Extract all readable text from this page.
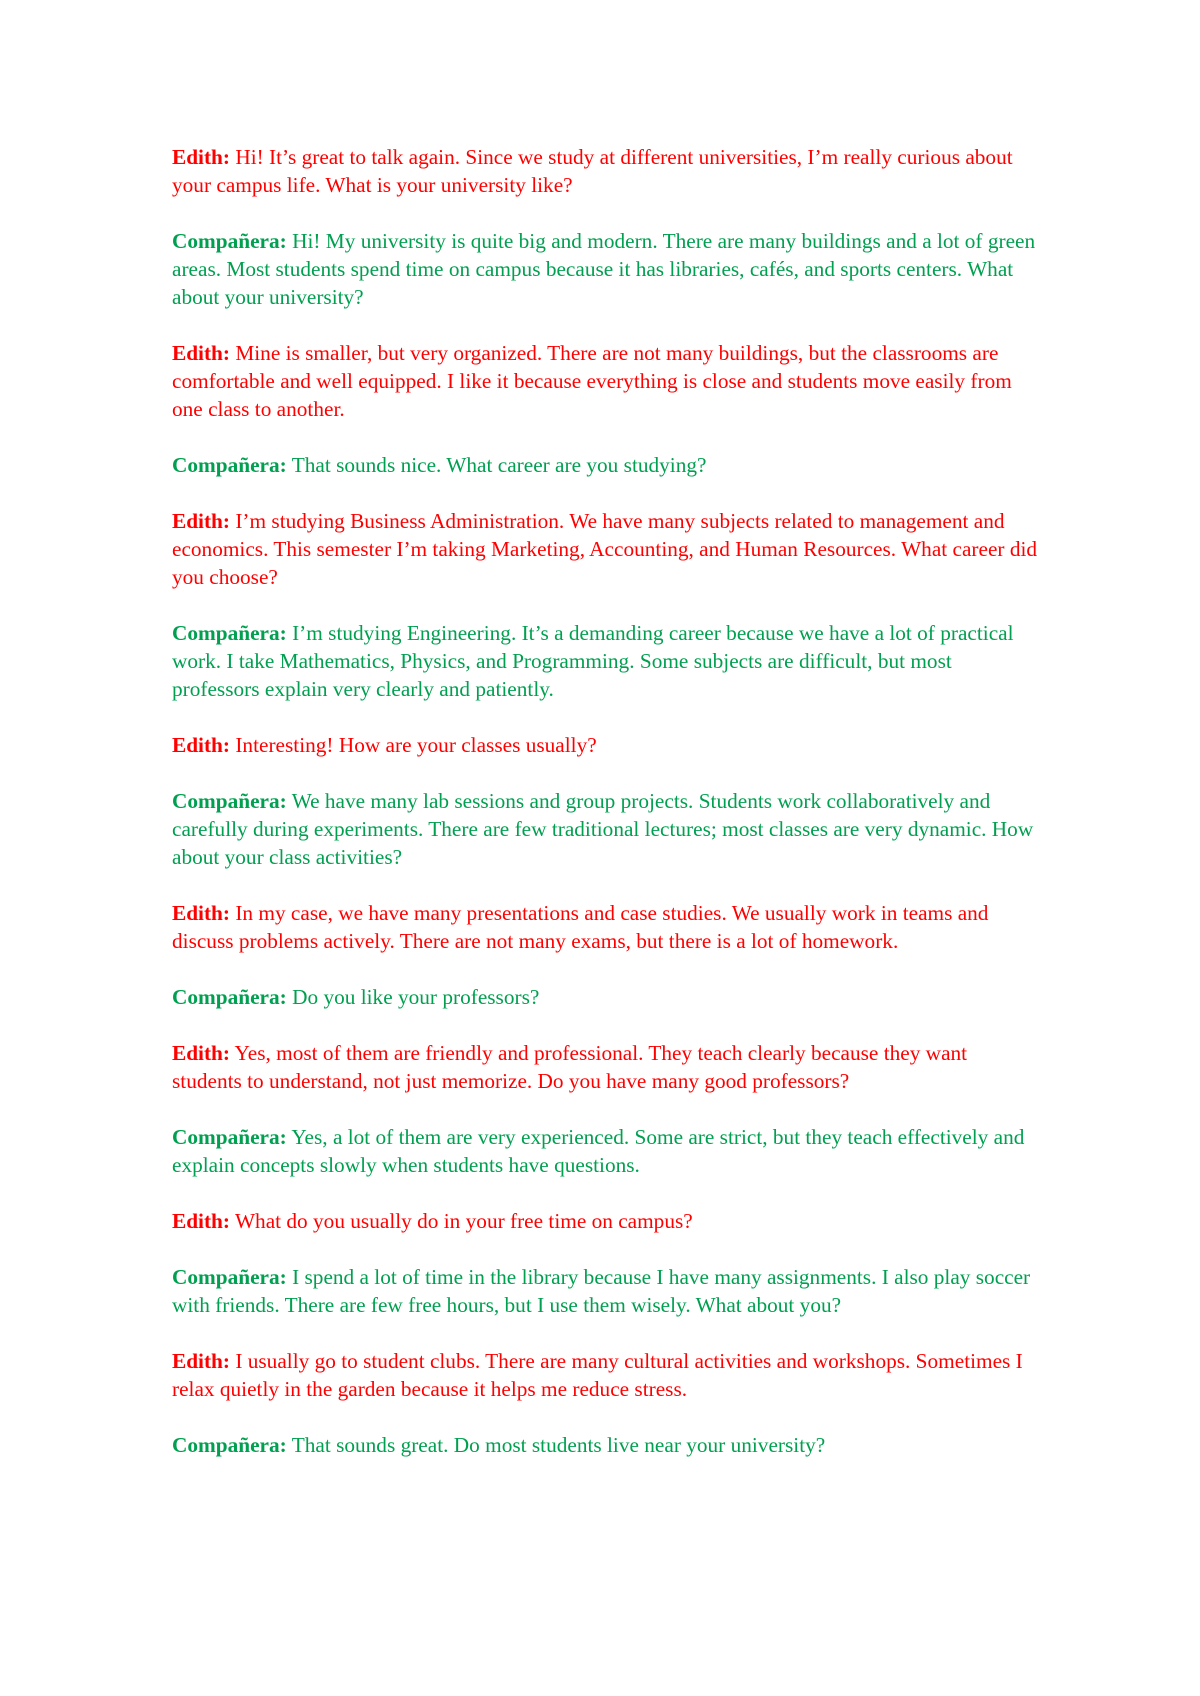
Edith: Hi! It’s great to talk again. Since we study at different universities, I’m really curious about your campus life. What is your university like?

Compañera: Hi! My university is quite big and modern. There are many buildings and a lot of green areas. Most students spend time on campus because it has libraries, cafés, and sports centers. What about your university?

Edith: Mine is smaller, but very organized. There are not many buildings, but the classrooms are comfortable and well equipped. I like it because everything is close and students move easily from one class to another.

Compañera: That sounds nice. What career are you studying?

Edith: I’m studying Business Administration. We have many subjects related to management and economics. This semester I’m taking Marketing, Accounting, and Human Resources. What career did you choose?

Compañera: I’m studying Engineering. It’s a demanding career because we have a lot of practical work. I take Mathematics, Physics, and Programming. Some subjects are difficult, but most professors explain very clearly and patiently.

Edith: Interesting! How are your classes usually?

Compañera: We have many lab sessions and group projects. Students work collaboratively and carefully during experiments. There are few traditional lectures; most classes are very dynamic. How about your class activities?

Edith: In my case, we have many presentations and case studies. We usually work in teams and discuss problems actively. There are not many exams, but there is a lot of homework.

Compañera: Do you like your professors?

Edith: Yes, most of them are friendly and professional. They teach clearly because they want students to understand, not just memorize. Do you have many good professors?

Compañera: Yes, a lot of them are very experienced. Some are strict, but they teach effectively and explain concepts slowly when students have questions.

Edith: What do you usually do in your free time on campus?

Compañera: I spend a lot of time in the library because I have many assignments. I also play soccer with friends. There are few free hours, but I use them wisely. What about you?

Edith: I usually go to student clubs. There are many cultural activities and workshops. Sometimes I relax quietly in the garden because it helps me reduce stress.

Compañera: That sounds great. Do most students live near your university?
